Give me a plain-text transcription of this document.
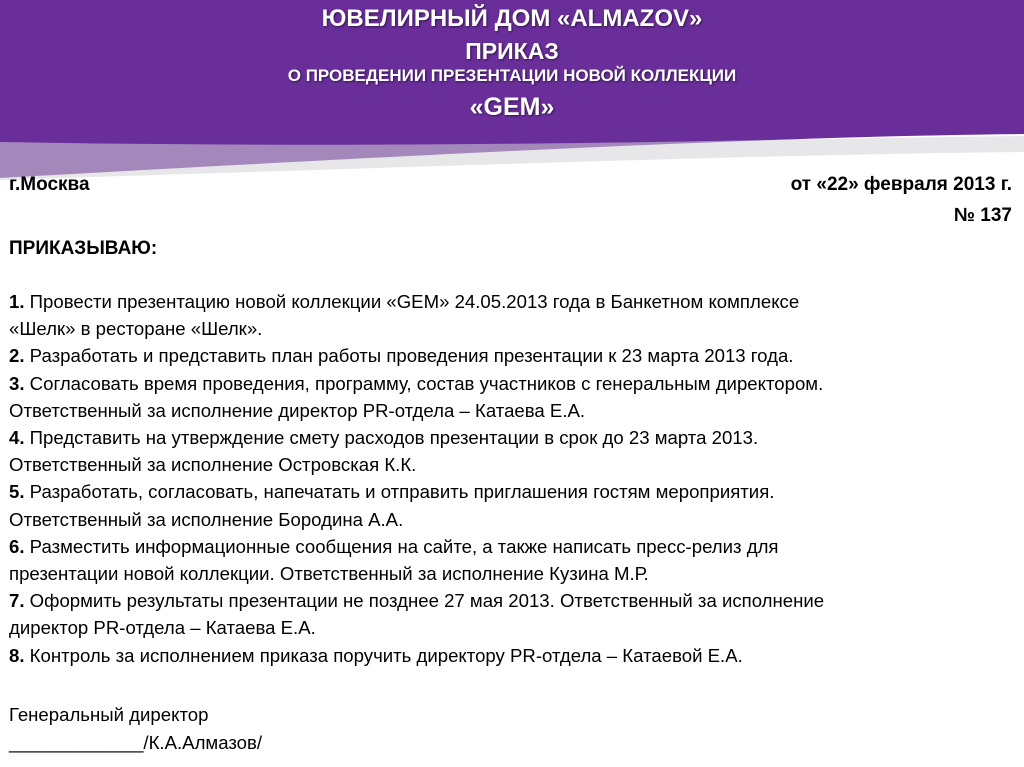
ЮВЕЛИРНЫЙ ДОМ «ALMAZOV»
ПРИКАЗ
О ПРОВЕДЕНИИ ПРЕЗЕНТАЦИИ НОВОЙ КОЛЛЕКЦИИ
«GEM»
г.Москва	от «22» февраля 2013 г.
№ 137
ПРИКАЗЫВАЮ:
1. Провести презентацию новой коллекции «GEM» 24.05.2013 года в Банкетном комплексе
«Шелк» в ресторане «Шелк».
2. Разработать и представить план работы проведения презентации к 23 марта 2013 года.
3. Согласовать время проведения, программу, состав участников с генеральным директором.
Ответственный за исполнение директор PR-отдела – Катаева Е.А.
4. Представить на утверждение смету расходов презентации в срок до 23 марта 2013.
Ответственный за исполнение Островская К.К.
5. Разработать, согласовать, напечатать и отправить приглашения гостям мероприятия.
Ответственный за исполнение Бородина А.А.
6. Разместить информационные сообщения на сайте, а также написать пресс-релиз для
презентации новой коллекции. Ответственный за исполнение Кузина М.Р.
7. Оформить результаты презентации не позднее 27 мая 2013. Ответственный за исполнение
директор PR-отдела – Катаева Е.А.
8. Контроль за исполнением приказа поручить директору PR-отдела – Катаевой Е.А.
Генеральный директор
_____________/К.А.Алмазов/
